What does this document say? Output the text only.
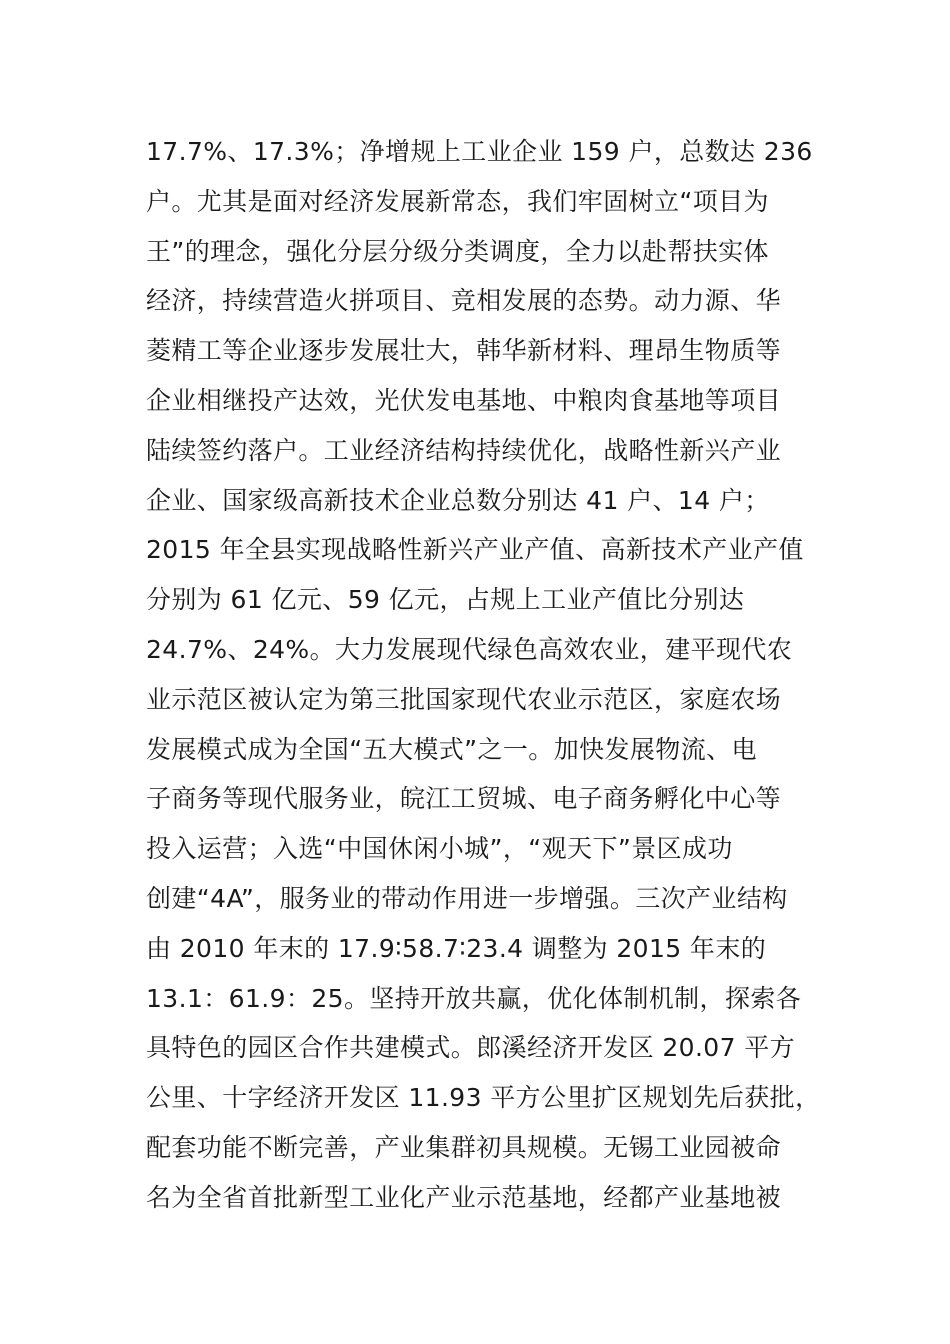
17.7%、17.3%；净增规上工业企业 159 户，总数达 236
户。尤其是面对经济发展新常态，我们牢固树立“项目为
王”的理念，强化分层分级分类调度，全力以赴帮扶实体
经济，持续营造火拼项目、竞相发展的态势。动力源、华
菱精工等企业逐步发展壮大，韩华新材料、理昂生物质等
企业相继投产达效，光伏发电基地、中粮肉食基地等项目
陆续签约落户。工业经济结构持续优化，战略性新兴产业
企业、国家级高新技术企业总数分别达 41 户、14 户；
2015 年全县实现战略性新兴产业产值、高新技术产业产值
分别为 61 亿元、59 亿元，占规上工业产值比分别达
24.7%、24%。大力发展现代绿色高效农业，建平现代农
业示范区被认定为第三批国家现代农业示范区，家庭农场
发展模式成为全国“五大模式”之一。加快发展物流、电
子商务等现代服务业，皖江工贸城、电子商务孵化中心等
投入运营；入选“中国休闲小城”，“观天下”景区成功
创建“4A”，服务业的带动作用进一步增强。三次产业结构
由 2010 年末的 17.9∶58.7∶23.4 调整为 2015 年末的
13.1：61.9：25。坚持开放共赢，优化体制机制，探索各
具特色的园区合作共建模式。郎溪经济开发区 20.07 平方
公里、十字经济开发区 11.93 平方公里扩区规划先后获批，
配套功能不断完善，产业集群初具规模。无锡工业园被命
名为全省首批新型工业化产业示范基地，经都产业基地被
